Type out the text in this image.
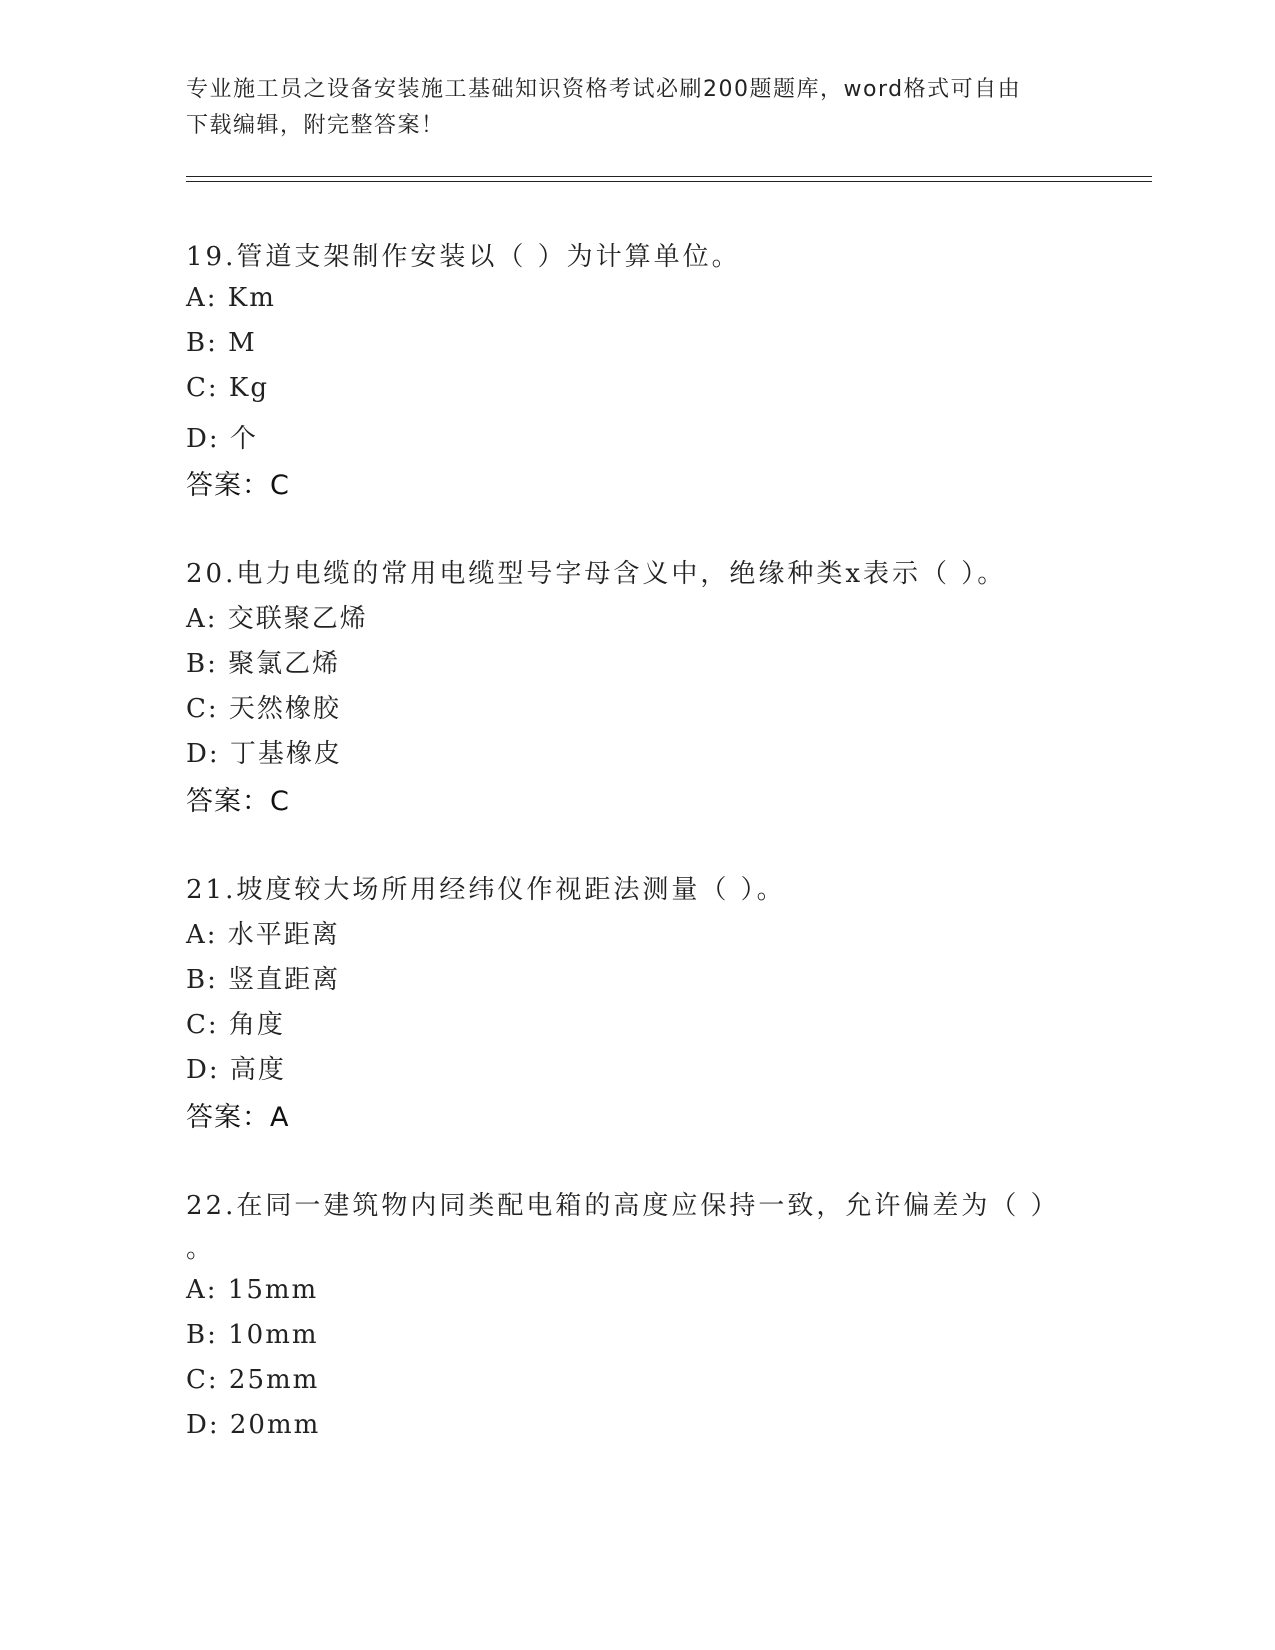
专业施工员之设备安装施工基础知识资格考试必刷200题题库，word格式可自由
下载编辑，附完整答案！
19.管道支架制作安装以（ ）为计算单位。
A: Km
B: M
C: Kg
D: 个
答案：C
20.电力电缆的常用电缆型号字母含义中，绝缘种类x表示（ ）。
A: 交联聚乙烯
B: 聚氯乙烯
C: 天然橡胶
D: 丁基橡皮
答案：C
21.坡度较大场所用经纬仪作视距法测量（ ）。
A: 水平距离
B: 竖直距离
C: 角度
D: 高度
答案：A
22.在同一建筑物内同类配电箱的高度应保持一致，允许偏差为（ ）
。
A: 15mm
B: 10mm
C: 25mm
D: 20mm
